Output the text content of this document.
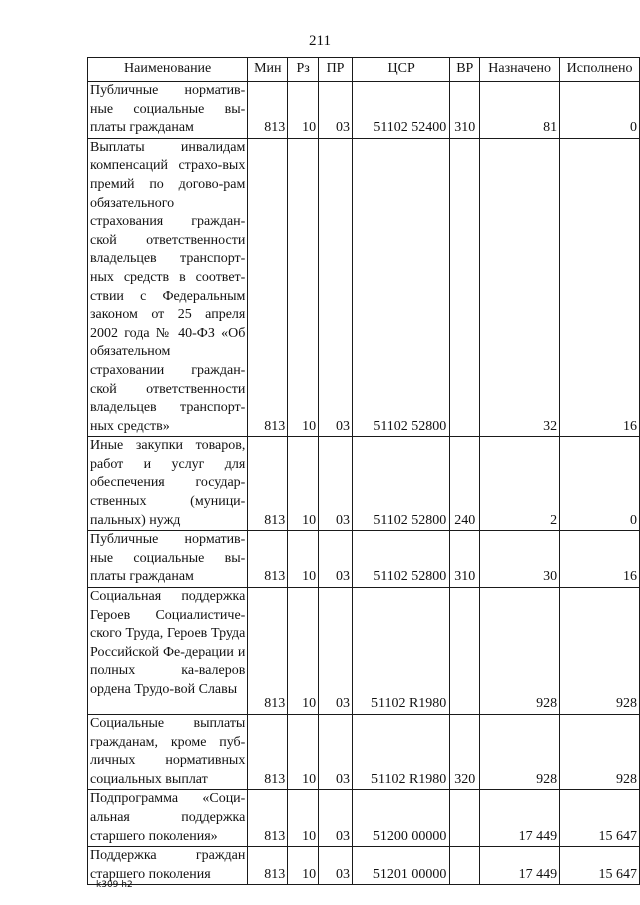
211
Наименование	Мин	Рз	ПР	ЦСР	ВР	Назначено	Исполнено
Публичные норматив-ные социальные вы-платы гражданам	813	10	03	51102 52400	310	81	0
Выплаты инвалидам компенсаций страхо-вых премий по догово-рам обязательного страхования граждан-ской ответственности владельцев транспорт-ных средств в соответ-ствии с Федеральным законом от 25 апреля 2002 года № 40-ФЗ «Об обязательном страховании граждан-ской ответственности владельцев транспорт-ных средств»	813	10	03	51102 52800		32	16
Иные закупки товаров, работ и услуг для обеспечения государ-ственных (муници-пальных) нужд	813	10	03	51102 52800	240	2	0
Публичные норматив-ные социальные вы-платы гражданам	813	10	03	51102 52800	310	30	16
Социальная поддержка Героев Социалистиче-ского Труда, Героев Труда Российской Фе-дерации и полных ка-валеров ордена Трудо-вой Славы	813	10	03	51102 R1980		928	928
Социальные выплаты гражданам, кроме пуб-личных нормативных социальных выплат	813	10	03	51102 R1980	320	928	928
Подпрограмма «Соци-альная поддержка старшего поколения»	813	10	03	51200 00000		17 449	15 647
Поддержка граждан старшего поколения	813	10	03	51201 00000		17 449	15 647
k309 h2
